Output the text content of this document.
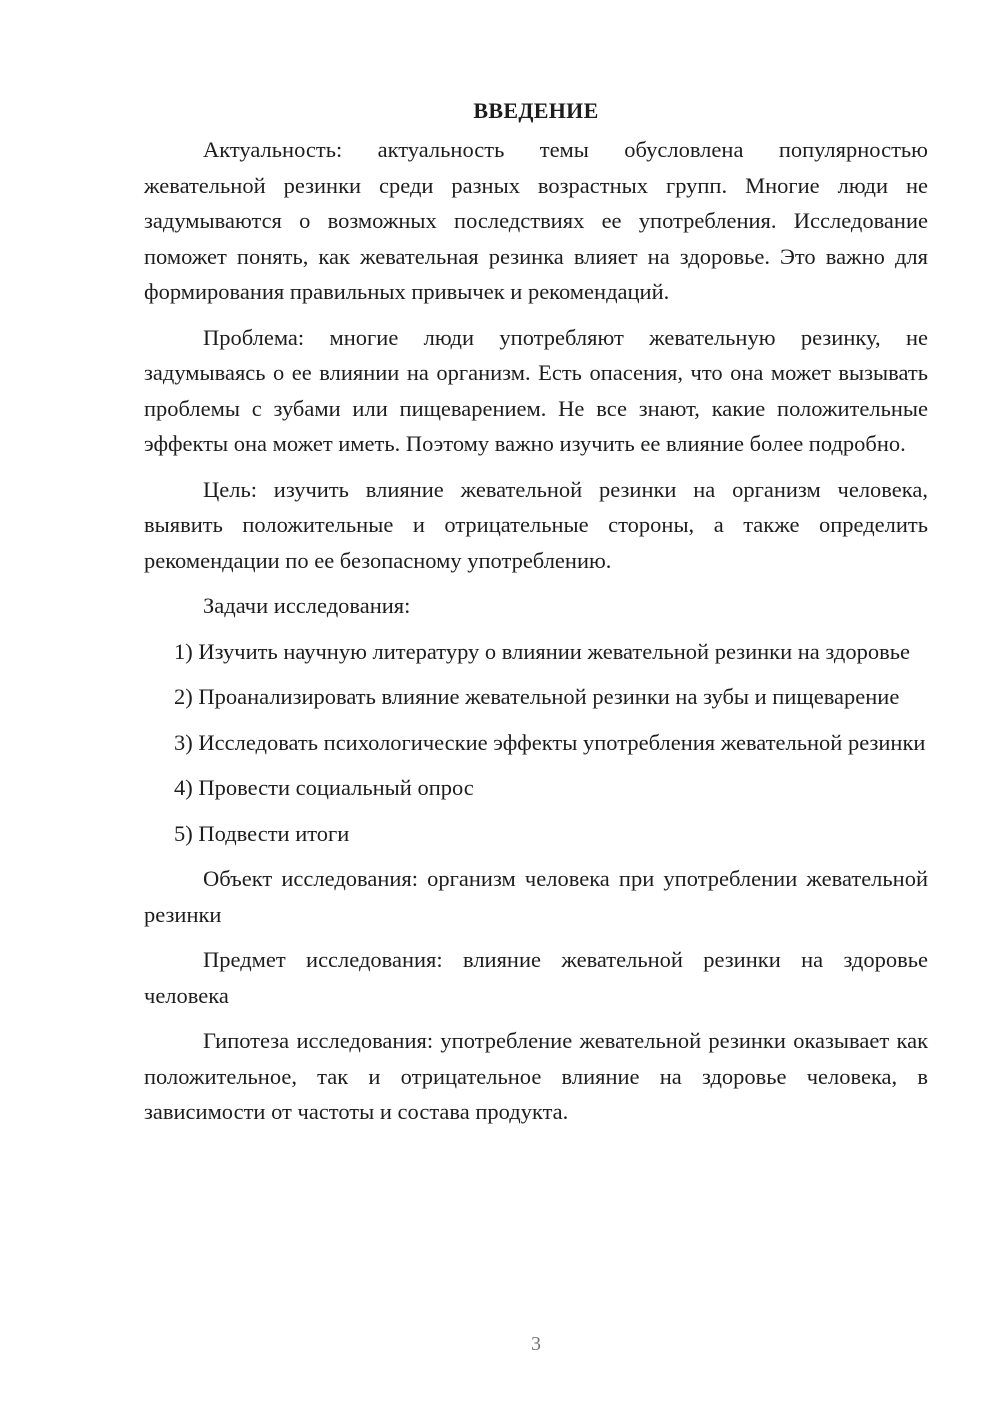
ВВЕДЕНИЕ

Актуальность: актуальность темы обусловлена популярностью жевательной резинки среди разных возрастных групп. Многие люди не задумываются о возможных последствиях ее употребления. Исследование поможет понять, как жевательная резинка влияет на здоровье. Это важно для формирования правильных привычек и рекомендаций.

Проблема: многие люди употребляют жевательную резинку, не задумываясь о ее влиянии на организм. Есть опасения, что она может вызывать проблемы с зубами или пищеварением. Не все знают, какие положительные эффекты она может иметь. Поэтому важно изучить ее влияние более подробно.

Цель: изучить влияние жевательной резинки на организм человека, выявить положительные и отрицательные стороны, а также определить рекомендации по ее безопасному употреблению.

Задачи исследования:

1) Изучить научную литературу о влиянии жевательной резинки на здоровье

2) Проанализировать влияние жевательной резинки на зубы и пищеварение

3) Исследовать психологические эффекты употребления жевательной резинки

4) Провести социальный опрос

5) Подвести итоги

Объект исследования: организм человека при употреблении жевательной резинки

Предмет исследования: влияние жевательной резинки на здоровье человека

Гипотеза исследования: употребление жевательной резинки оказывает как положительное, так и отрицательное влияние на здоровье человека, в зависимости от частоты и состава продукта.

3
